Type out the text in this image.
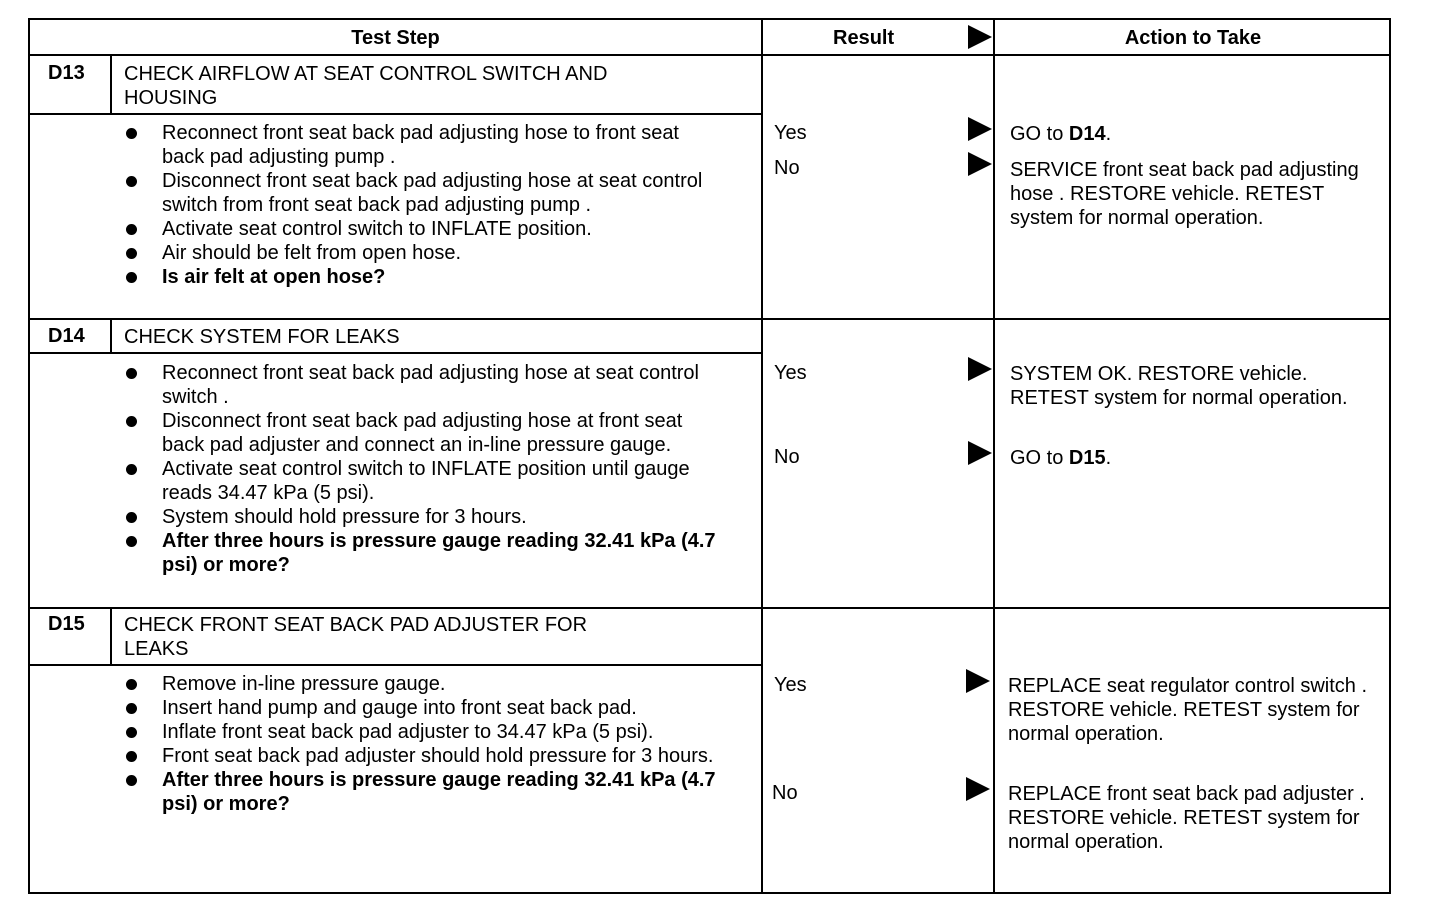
Test Step	Result	Action to Take
D13 CHECK AIRFLOW AT SEAT CONTROL SWITCH AND
HOUSING
Reconnect front seat back pad adjusting hose to front seat back pad adjusting pump .
Disconnect front seat back pad adjusting hose at seat control switch from front seat back pad adjusting pump .
Activate seat control switch to INFLATE position.
Air should be felt from open hose.
Is air felt at open hose?
Yes
No
GO to D14.
SERVICE front seat back pad adjusting hose . RESTORE vehicle. RETEST system for normal operation.
D14 CHECK SYSTEM FOR LEAKS
Reconnect front seat back pad adjusting hose at seat control switch .
Disconnect front seat back pad adjusting hose at front seat back pad adjuster and connect an in-line pressure gauge.
Activate seat control switch to INFLATE position until gauge reads 34.47 kPa (5 psi).
System should hold pressure for 3 hours.
After three hours is pressure gauge reading 32.41 kPa (4.7 psi) or more?
Yes
No
SYSTEM OK. RESTORE vehicle. RETEST system for normal operation.
GO to D15.
D15 CHECK FRONT SEAT BACK PAD ADJUSTER FOR
LEAKS
Remove in-line pressure gauge.
Insert hand pump and gauge into front seat back pad.
Inflate front seat back pad adjuster to 34.47 kPa (5 psi).
Front seat back pad adjuster should hold pressure for 3 hours.
After three hours is pressure gauge reading 32.41 kPa (4.7 psi) or more?
Yes
No
REPLACE seat regulator control switch . RESTORE vehicle. RETEST system for normal operation.
REPLACE front seat back pad adjuster . RESTORE vehicle. RETEST system for normal operation.
